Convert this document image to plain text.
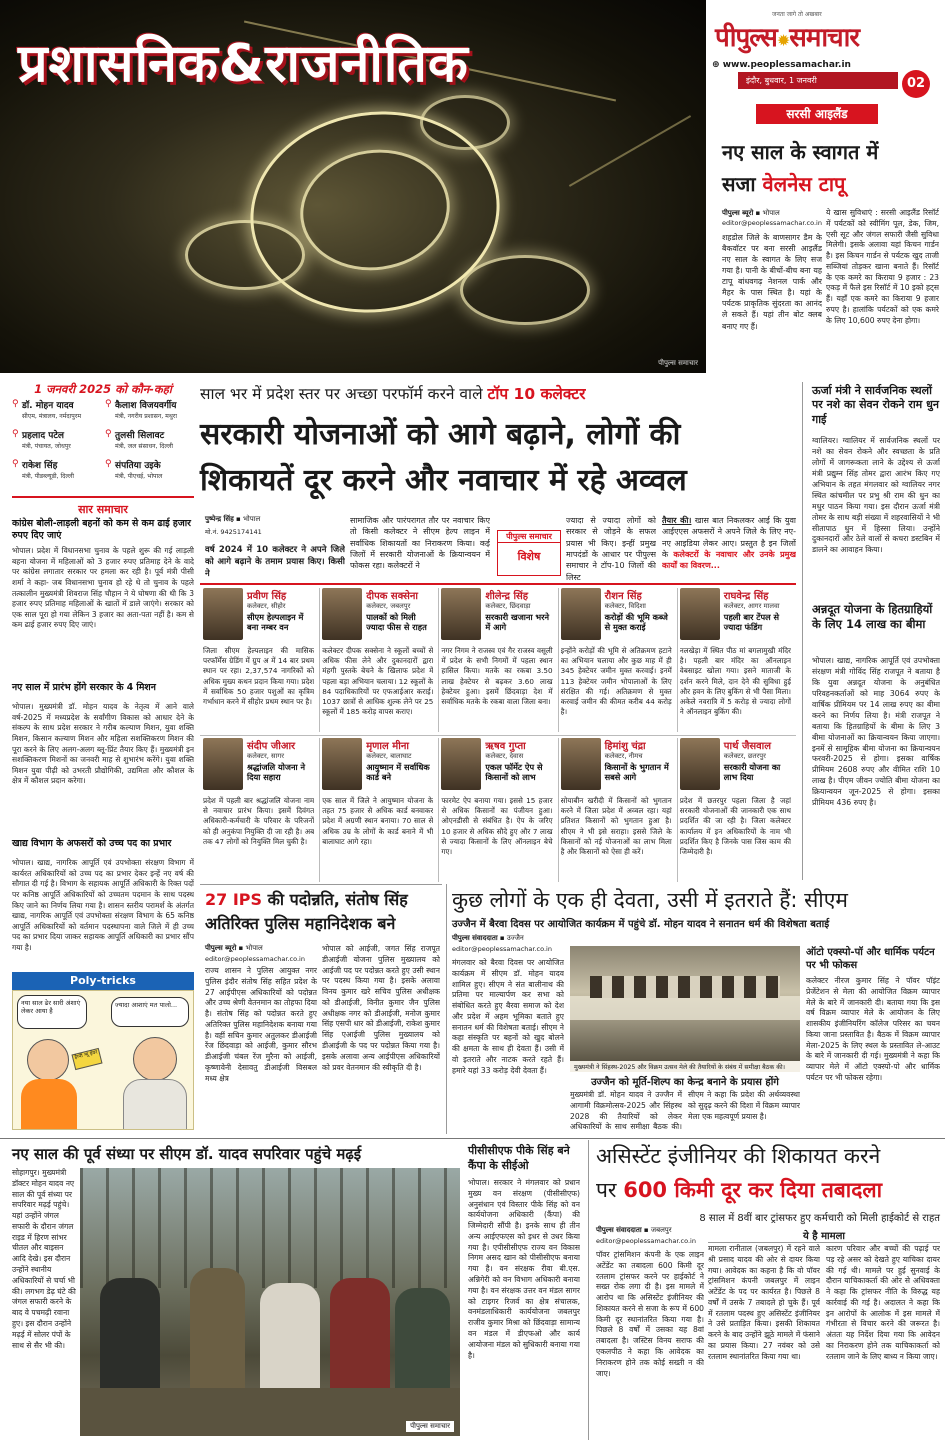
प्रशासनिक&राजनीतिक
पीपुल्स समाचार
जनता जागे तो अखबार
पीपुल्स✹समाचार
⊕ www.peoplessamachar.in
इंदौर, बुधवार, 1 जनवरी	02
सरसी आइलैंड
नए साल के स्वागत में
सजा वेलनेस टापू
पीपुल्स ब्यूरो ▪ भोपाल
editor@peoplessamachar.co.in
शहडोल जिले के बाणसागर डैम के बैकवॉटर पर बना सरसी आइलैंड नए साल के स्वागत के लिए सज गया है। पानी के बीचों-बीच बना यह टापू बांधवगढ़ नेशनल पार्क और मैहर के पास स्थित है। यहां के पर्यटक प्राकृतिक सुंदरता का आनंद ले सकते हैं। यहां तीन बोट क्लब बनाए गए हैं।
ये खास सुविधाएं : सरसी आइलैंड रिसॉर्ट में पर्यटकों को स्वीमिंग पूल, डेक, जिम, एसी सूट और जंगल सफारी जैसी सुविधा मिलेगी। इसके अलावा यहां किचन गार्डन है। इस किचन गार्डन से पर्यटक खुद ताजी सब्जियां तोड़कर खाना बनाते हैं। रिसॉर्ट के एक कमरे का किराया 9 हजार : 23 एकड़ में फैले इस रिसॉर्ट में 10 इको हट्स हैं। यहाँ एक कमरे का किराया 9 हजार रुपए है। हालांकि पर्यटकों को एक कमरे के लिए 10,600 रुपए देना होगा।
1 जनवरी 2025 को कौन-कहां
⚲ डॉ. मोहन यादव
सीएम, मंत्रालय, नर्मदापुरम
⚲ कैलाश विजयवर्गीय
मंत्री, नगरीय प्रशासन, मथुरा
⚲ प्रहलाद पटेल
मंत्री, पंचायत, जोधपुर
⚲ तुलसी सिलावट
मंत्री, जल संसाधन, दिल्ली
⚲ राकेश सिंह
मंत्री, पीडब्ल्यूडी, दिल्ली
⚲ संपतिया उइके
मंत्री, पीएचई, भोपाल
सार समाचार
कांग्रेस बोली-लाड़ली बहनों को कम से कम ढाई हजार रुपए दिए जाएं
भोपाल। प्रदेश में विधानसभा चुनाव के पहले शुरू की गई लाड़ली बहना योजना में महिलाओं को 3 हजार रुपए प्रतिमाह देने के वादे पर कांग्रेस लगातार सरकार पर हमला कर रही है। पूर्व मंत्री पीसी शर्मा ने कहा- जब विधानसभा चुनाव हो रहे थे तो चुनाव के पहले तत्कालीन मुख्यमंत्री शिवराज सिंह चौहान ने ये घोषणा की थी कि 3 हजार रुपए प्रतिमाह महिलाओं के खातों में डाले जाएंगे। सरकार को एक साल पूरा हो गया लेकिन 3 हजार का अता-पता नहीं है। कम से कम ढाई हजार रुपए दिए जाएं।
नए साल में प्रारंभ होंगे सरकार के 4 मिशन
भोपाल। मुख्यमंत्री डॉ. मोहन यादव के नेतृत्व में आने वाले वर्ष-2025 में मध्यप्रदेश के सर्वांगीण विकास को आधार देने के संकल्प के साथ प्रदेश सरकार ने गरीब कल्याण मिशन, युवा शक्ति मिशन, किसान कल्याण मिशन और महिला सशक्तिकरण मिशन की पूरा करने के लिए अलग-अलग ब्लू-प्रिंट तैयार किए हैं। मुख्यमंत्री इन सशक्तिकरण मिशनों का जनवरी माह से शुभारंभ करेंगे। युवा शक्ति मिशन युवा पीढ़ी को उभरती प्रौद्योगिकी, उद्यमिता और कौशल के क्षेत्र में कौशल प्रदान करेगा।
खाद्य विभाग के अफसरों को उच्च पद का प्रभार
भोपाल। खाद्य, नागरिक आपूर्ति एवं उपभोक्ता संरक्षण विभाग में कार्यरत अधिकारियों को उच्च पद का प्रभार देकर इन्हें नए वर्ष की सौगात दी गई है। विभाग के सहायक आपूर्ति अधिकारी के रिक्त पदों पर कनिष्ठ आपूर्ति अधिकारियों को उच्चतम पदमान के साथ पदस्थ किए जाने का निर्णय लिया गया है। शासन स्तरीय परामर्श के अंतर्गत खाद्य, नागरिक आपूर्ति एवं उपभोक्ता संरक्षण विभाग के 65 कनिष्ठ आपूर्ति अधिकारियों को वर्तमान पदस्थापना वाले जिले में ही उच्च पद का प्रभार दिया जाकर सहायक आपूर्ति अधिकारी का प्रभार सौंप गया है।
Poly-tricks
नया साल ढेर सारी अंशाएं लेकर आया है
ज्यादा आशाएं मत पालो...
हैप्पी न्यू ईयर
साल भर में प्रदेश स्तर पर अच्छा परफॉर्म करने वाले टॉप 10 कलेक्टर
सरकारी योजनाओं को आगे बढ़ाने, लोगों की
शिकायतें दूर करने और नवाचार में रहे अव्वल
पुष्पेन्द्र सिंह ▪ भोपाल
मो.नं. 9425174141
वर्ष 2024 में 10 कलेक्टर ने अपने जिले को आगे बढ़ाने के तमाम प्रयास किए। किसी ने
सामाजिक और पारंपरागत तौर पर नवाचार किए तो किसी कलेक्टर ने सीएम हेल्प लाइन में सर्वाधिक शिकायतों का निराकरण किया। कई जिलों में सरकारी योजनाओं के क्रियान्वयन में फोकस रहा। कलेक्टरों ने
पीपुल्स समाचार
विशेष
ज्यादा से ज्यादा लोगों को सरकार से जोड़ने के सफल प्रयास भी किए। इन्हीं प्रमुख मापदंडों के आधार पर पीपुल्स समाचार ने टॉप-10 जिलों की लिस्ट
तैयार की। खास बात निकलकर आई कि युवा आईएएस अफसरों ने अपने जिले के लिए नए-नए आइडिया लेकर आए। प्रस्तुत है इन जिलों के कलेक्टरों के नवाचार और उनके प्रमुख कार्यों का विवरण...
प्रवीण सिंह
कलेक्टर, सीहोर
सीएम हेल्पलाइन में बना नम्बर वन
जिला सीएम हेल्पलाइन की मासिक परफॉर्मेंस ग्रेडिंग में ग्रुप अ में 14 बार प्रथम स्थान पर रहा। 2,37,574 नागरिकों को अधिक मुख्य कथन प्रदान किया गया। प्रदेश में सर्वाधिक 50 हजार पशुओं का कृत्रिम गर्भाधान करने में सीहोर प्रथम स्थान पर है।
दीपक सक्सेना
कलेक्टर, जबलपुर
पालकों को मिली ज्यादा फीस से राहत
कलेक्टर दीपक सक्सेना ने स्कूलों बच्चों से अधिक फीस लेने और दुकानदारों द्वारा मंहगी पुस्तके बेचने के खिलाफ प्रदेश में पहला बड़ा अभियान चलाया। 12 स्कूलों के 84 पदाधिकारियों पर एफआईआर कराई। 1037 छात्रों से आधिक शुल्क लेने पर 25 स्कूलों में 185 करोड़ वापस कराए।
शीलेन्द्र सिंह
कलेक्टर, छिंदवाड़ा
सरकारी खजाना भरने में आगे
नगर निगम ने राजस्व एवं गैर राजस्व वसूली में प्रदेश के सभी निगमों में पहला स्थान हासिल किया। मतके का रकबा 3.50 लाख हेक्टेयर से बढ़कर 3.60 लाख हेक्टेयर हुआ। इसमें छिंदवाड़ा देश में सर्वाधिक मतके के रकबा वाला जिला बना।
रौशन सिंह
कलेक्टर, विदिशा
करोड़ों की भूमि कब्जे से मुक्त कराई
इन्होंने करोड़ों की भूमि से अतिक्रमण हटाने का अभियान चलाया और कुछ माह में ही 345 हेक्टेयर जमीन मुक्त करवाई। इनमें 113 हेक्टेयर जमीन भोपालाओं के लिए संरक्षित की गई। अतिक्रमण से मुक्त करवाई जमीन की कीमत करीब 44 करोड़ है।
राघवेन्द्र सिंह
कलेक्टर, आगर मालवा
पहली बार टेंपल से ज्यादा फंडिंग
नलखेड़ा में स्थित पीठ मां बगलामुखी मंदिर है। पहली बार मंदिर का ऑनलाइन वेबसाइट खोला गया। इसने माताजी के दर्शन करने मिले, दान देने की सुविधा हुई और हवन के लिए बुकिंग से भी पैसा मिला। अकेले नवरात्रि में 5 करोड़ से ज्यादा लोगों ने ऑनलाइन बुकिंग की।
संदीप जीआर
कलेक्टर, सागर
श्रद्धांजलि योजना ने दिया सहारा
प्रदेश में पहली बार श्रद्धांजलि योजना नाम से नवाचार प्रारंभ किया। इसमें दिवंगत अधिकारी-कर्मचारी के परिवार के परिजनों को ही अनुकंपा नियुक्ति दी जा रही है। अब तक 47 लोगों को नियुक्ति मिल चुकी है।
मृणाल मीना
कलेक्टर, बालाघाट
आयुष्मान में सर्वाधिक कार्ड बने
एक साल में जिले ने आयुष्मान योजना के तहत 75 हजार से अधिक कार्ड बनवाकर प्रदेश में अग्रणी स्थान बनाया। 70 साल से अधिक उम्र के लोगों के कार्ड बनाने में भी बालाघाट आगे रहा।
ऋषव गुप्ता
कलेक्टर, देवास
एकल फॉर्मेट ऐप से किसानों को लाभ
फारमेट ऐप बनाया गया। इससे 15 हजार से अधिक किसानों का पंजीयन हुआ। ओएनडीसी से संबंधित है। ऐप के जरिए 10 हजार से अधिक सौदे हुए और 7 लाख से ज्यादा किसानों के लिए ऑनलाइन बेचे गए।
हिमांशु चंद्रा
कलेक्टर, नीमच
किसानों के भुगतान में सबसे आगे
सोयाबीन खरीदी में किसानों को भुगतान करने में जिला प्रदेश में अव्वल रहा। यहां प्रतिशत किसानों को भुगतान हुआ है। सीएम ने भी इसे सराहा। इससे जिले के किसानों को नई योजनाओं का लाभ मिला है और किसानों को ऐसा ही करें।
पार्थ जैसवाल
कलेक्टर, छतरपुर
सरकारी योजना का लाभ दिया
प्रदेश में छतरपुर पहला जिला है जहां सरकारी योजनाओं की जानकारी एक साथ प्रदर्शित की जा रही है। जिला कलेक्टर कार्यालय में इन अधिकारियों के नाम भी प्रदर्शित किए है जिनके पास जिस काम की जिम्मेदारी है।
ऊर्जा मंत्री ने सार्वजनिक स्थलों पर नशे का सेवन रोकने राम धुन गाई
ग्वालियर। ग्वालियर में सार्वजनिक स्थलों पर नशे का सेवन रोकने और स्वच्छता के प्रति लोगों में जागरूकता लाने के उद्देश्य से ऊर्जा मंत्री प्रद्युम्न सिंह तोमर द्वारा आरंभ किए गए अभियान के तहत मंगलवार को ग्वालियर नगर स्थित कांचमील पर प्रभु श्री राम की धुन का मधुर पाठन किया गया। इस दौरान ऊर्जा मंत्री तोमर के साथ बड़ी संख्या में शहरवासियों ने भी सीतापाठ धुन में हिस्सा लिया। उन्होंने दुकानदारों और ठेले वालों से कचरा डस्टबिन में डालने का आवाहन किया।
अन्नदूत योजना के हितग्राहियों के लिए 14 लाख का बीमा
भोपाल। खाद्य, नागरिक आपूर्ति एवं उपभोक्ता संरक्षण मंत्री गोविंद सिंह राजपूत ने बताया है कि युवा अन्नदूत योजना के अनुबंधित परिवहनकर्ताओं को माह 3064 रुपए के वार्षिक प्रीमियम पर 14 लाख रुपए का बीमा करने का निर्णय लिया है। मंत्री राजपूत ने बताया कि हितग्राहियों के बीमा के लिए 3 बीमा योजनाओं का क्रियान्वयन किया जाएगा। इनमें से सामूहिक बीमा योजना का क्रियान्वयन फरवरी-2025 से होगा। इसका वार्षिक प्रीमियम 2608 रुपए और वीमित राशि 10 लाख है। पीएम जीवन ज्योति बीमा योजना का क्रियान्वयन जून-2025 से होगा। इसका प्रीमियम 436 रुपए है।
27 IPS की पदोन्नति, संतोष सिंह
अतिरिक्त पुलिस महानिदेशक बने
पीपुल्स ब्यूरो ▪ भोपाल
editor@peoplessamachar.co.in
राज्य शासन ने पुलिस आयुक्त नगर पुलिस इंदौर संतोष सिंह सहित प्रदेश के 27 आईपीएस अधिकारियों को पदोन्नत और उच्च श्रेणी वेतनमान का तोहफा दिया है। संतोष सिंह को पदोन्नत करते हुए अतिरिक्त पुलिस महानिदेशक बनाया गया है। वहीं सचिन कुमार अतुलकर डीआईजी रेंज छिंदवाड़ा को आईजी, कुमार सौरभ डीआईजी चंबल रेंज मुरैना को आईजी, कृष्णावेनी देसावतु डीआईजी विसबल मध्य क्षेत्र
भोपाल को आईजी, जगत सिंह राजपूत डीआईजी योजना पुलिस मुख्यालय को आईजी पद पर पदोन्नत करते हुए उसी स्थान पर पदस्थ किया गया है। इसके अलावा विनय कुमार खरे सचिव पुलिस अधीक्षक को डीआईजी, विनीत कुमार जैन पुलिस अधीक्षक नगर को डीआईजी, मनोज कुमार सिंह एसपी धार को डीआईजी, राकेश कुमार सिंह एआईजी पुलिस मुख्यालय को डीआईजी के पद पर पदोन्नत किया गया है। इसके अलावा अन्य आईपीएस अधिकारियों को प्रवर वेतनमान की स्वीकृति दी है।
कुछ लोगों के एक ही देवता, उसी में इतराते हैं: सीएम
उज्जैन में बैरवा दिवस पर आयोजित कार्यक्रम में पहुंचे डॉ. मोहन यादव ने सनातन धर्म की विशेषता बताई
पीपुल्स संवाददाता ▪ उज्जैन
editor@peoplessamachar.co.in
मंगलवार को बैरवा दिवस पर आयोजित कार्यक्रम में सीएम डॉ. मोहन यादव शामिल हुए। सीएम ने संत बालीनाथ की प्रतिमा पर माल्यार्पण कर सभा को संबोधित करते हुए बैरवा समाज को देश और प्रदेश में अहम भूमिका बताते हुए सनातन धर्म की विशेषता बताई। सीएम ने कहा संस्कृति पर बहनों को खुद बोलने की क्षमता के साथ ही देवता हैं। उसी में वो इतराते और नाटक करते रहते हैं। हमारे यहां 33 करोड़ देवी देवता हैं।	मुख्यमंत्री ने सिंहस्थ-2025 और विक्रम उत्सव मेले की तैयारियों के संबंध में समीक्षा बैठक की।
उज्जैन को मूर्ति-शिल्प का केन्द्र बनाने के प्रयास होंगे
मुख्यमंत्री डॉ. मोहन यादव ने उज्जैन में आगामी विक्रमोत्सव-2025 और सिंहस्थ 2028 की तैयारियों को लेकर अधिकारियों के साथ समीक्षा बैठक की। सीएम ने कहा कि प्रदेश की अर्थव्यवस्था को सुदृढ़ करने की दिशा में विक्रम व्यापार मेला एक महत्वपूर्ण प्रयास है।
ऑटो एक्स्पो-पॉ और धार्मिक पर्यटन पर भी फोकस
कलेक्टर नीरज कुमार सिंह ने पॉवर पॉइंट प्रेजेंटेशन से मेला की आयोजित विक्रम व्यापार मेले के बारे में जानकारी दी। बताया गया कि इस वर्ष विक्रम व्यापार मेले के आयोजन के लिए शासकीय इंजीनियरिंग कॉलेज परिसर का चयन किया जाना प्रस्तावित है। बैठक में विक्रम व्यापार मेला-2025 के लिए स्थल के प्रस्तावित ले-आउट के बारे में जानकारी दी गई। मुख्यमंत्री ने कहा कि व्यापार मेले में ऑटो एक्स्पो-पो और धार्मिक पर्यटन पर भी फोकस रहेगा।
नए साल की पूर्व संध्या पर सीएम डॉ. यादव सपरिवार पहुंचे मढ़ई
सोहागपुर। मुख्यमंत्री डॉक्टर मोहन यादव नए साल की पूर्व संध्या पर सपरिवार मढ़ई पहुंचे। यहां उन्होंने जंगल सफारी के दौरान जंगल राइड में हिरण सांभर चीतल और बाइसन आदि देखे। इस दौरान उन्होंने स्थानीय अधिकारियों से चर्चा भी की। लगभग डेढ़ घंटे की जंगल सफारी करने के बाद वे पचमढ़ी रवाना हुए। इस दौरान उन्होंने मढ़ई में सोलर पंपों के साथ से सैर भी की।
पीपुल्स समाचार
पीसीसीएफ पीके सिंह बने कैंपा के सीईओ
भोपाल। सरकार ने मंगलवार को प्रधान मुख्य वन संरक्षण (पीसीसीएफ) अनुसंधान एवं विस्तार पीके सिंह को वन कार्ययोजना अधिकारी (कैंपा) की जिम्मेदारी सौंपी है। इनके साथ ही तीन अन्य आईएफएस को इधर से उधर किया गया है। एपीसीसीएफ राज्य वन विकास निगम असद खान को पीसीसीएफ बनाया गया है। वन संरक्षक रीवा बी.एस. अन्निगेरी को वन विभाग अधिकारी बनाया गया है। वन संरक्षक उत्तर वन मंडल सागर को टाइगर रिजर्व का क्षेत्र संचालक, वनमंडलाधिकारी कार्ययोजना जबलपुर राजीव कुमार मिश्रा को छिंदवाड़ा सामान्य वन मंडल में डीएफओ और कार्य आयोजना मंडल को सुधिकारी बनाया गया है।
असिस्टेंट इंजीनियर की शिकायत करने
पर 600 किमी दूर कर दिया तबादला
8 साल में 8वीं बार ट्रांसफर हुए कर्मचारी को मिली हाईकोर्ट से राहत
पीपुल्स संवाददाता ▪ जबलपुर
editor@peoplessamachar.co.in	ये है मामला
पॉवर ट्रांसमिशन कंपनी के एक लाइन अटेंडेंट का तबादला 600 किमी दूर रतलाम ट्रांसफर करने पर हाईकोर्ट ने सख्त रोक लगा दी है। इस मामले में आरोप था कि असिस्टेंट इंजीनियर की शिकायत करने से सजा के रूप में 600 किमी दूर स्थानांतरित किया गया है। पिछले 8 वर्षों में उसका यह 8वां तबादला है। जस्टिस विनय सराफ की एकलपीठ ने कहा कि आवेदक का निराकरण होने तक कोई सख्ती न की जाए।
मामला रानीताल (जबलपुर) में रहने वाले श्री प्रसाद यादव की ओर से दायर किया गया। आवेदक का कहना है कि वो पॉवर ट्रांसमिशन कंपनी जबलपुर में लाइन अटेंडेंट के पद पर कार्यरत है। पिछले 8 वर्षों में उसके 7 तबादले हो चुके हैं। पूर्व में रतलाम पदस्थ हुए असिस्टेंट इंजीनियर ने उसे प्रताड़ित किया। इसकी शिकायत करने के बाद उन्होंने झूठे मामले में फंसाने का प्रयास किया। 27 नवंबर को उसे रतलाम स्थानांतरित किया गया था।
कारण परिवार और बच्चों की पढ़ाई पर पड़ रहे असर को देखते हुए याचिका दायर की गई थी। मामले पर हुई सुनवाई के दौरान याचिकाकर्ता की ओर से अधिवक्ता ने कहा कि ट्रांसफर नीति के विरुद्ध यह कार्रवाई की गई है। अदालत ने कहा कि इन आरोपों के आलोक में इस मामले में गंभीरता से विचार करने की जरूरत है। अंततः यह निर्देश दिया गया कि आवेदन का निराकरण होने तक याचिकाकर्ता को रतलाम जाने के लिए बाध्य न किया जाए।
